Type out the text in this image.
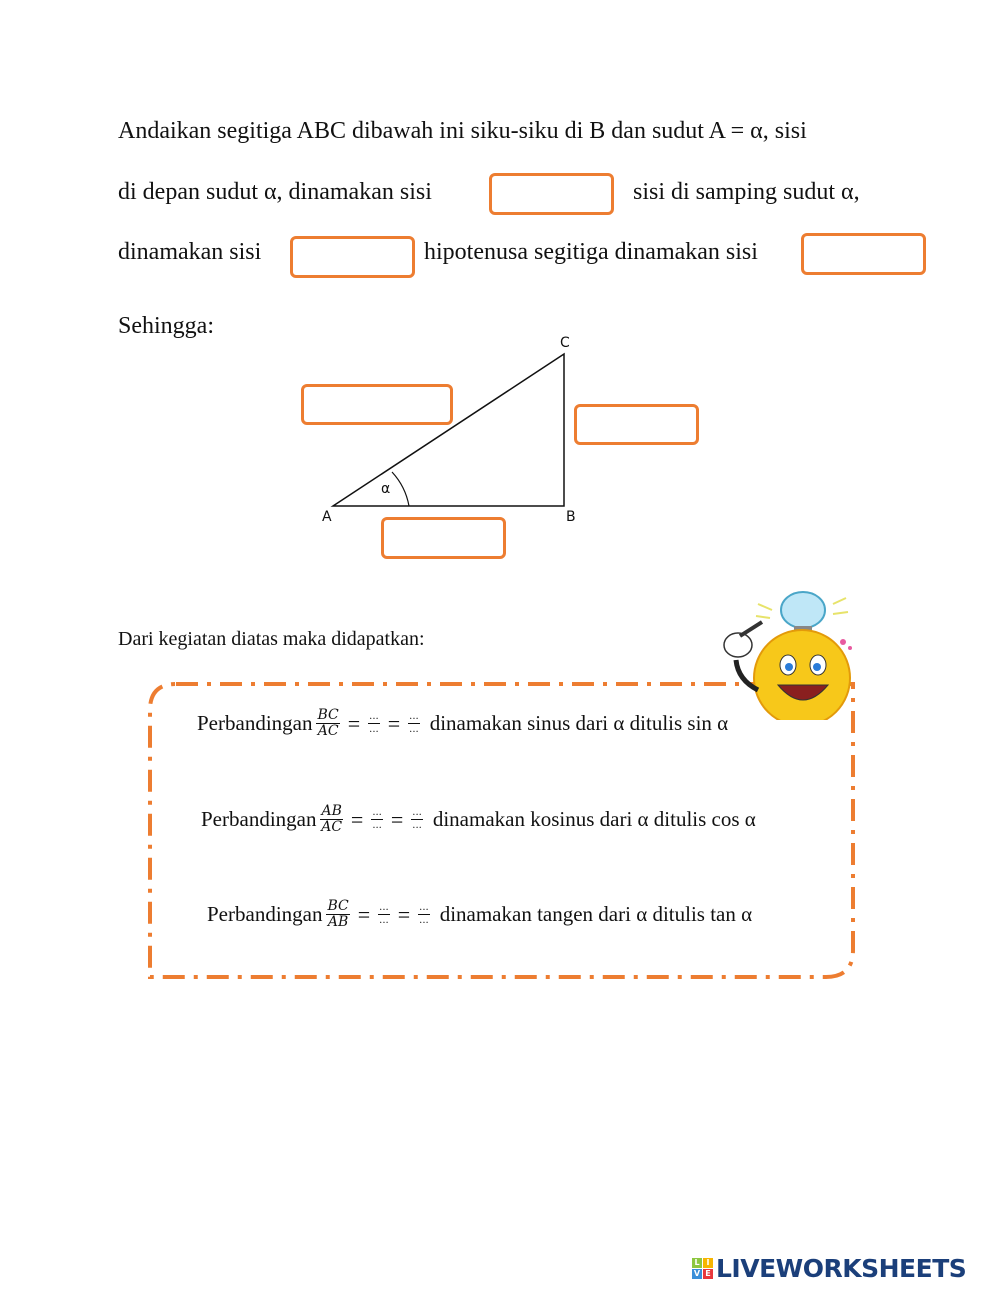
Andaikan segitiga ABC dibawah ini siku-siku di B dan sudut A = α, sisi
di depan sudut α, dinamakan sisi	sisi di samping sudut α,
dinamakan sisi	hipotenusa segitiga dinamakan sisi
Sehingga:
C
A	B
α
Dari kegiatan diatas maka didapatkan:
Perbandingan $\frac{BC}{AC} = \frac{...}{...} = \frac{...}{...}$ dinamakan sinus dari α ditulis sin α
Perbandingan $\frac{AB}{AC} = \frac{...}{...} = \frac{...}{...}$ dinamakan kosinus dari α ditulis cos α
Perbandingan $\frac{BC}{AB} = \frac{...}{...} = \frac{...}{...}$ dinamakan tangen dari α ditulis tan α
L I
V E LIVEWORKSHEETS
